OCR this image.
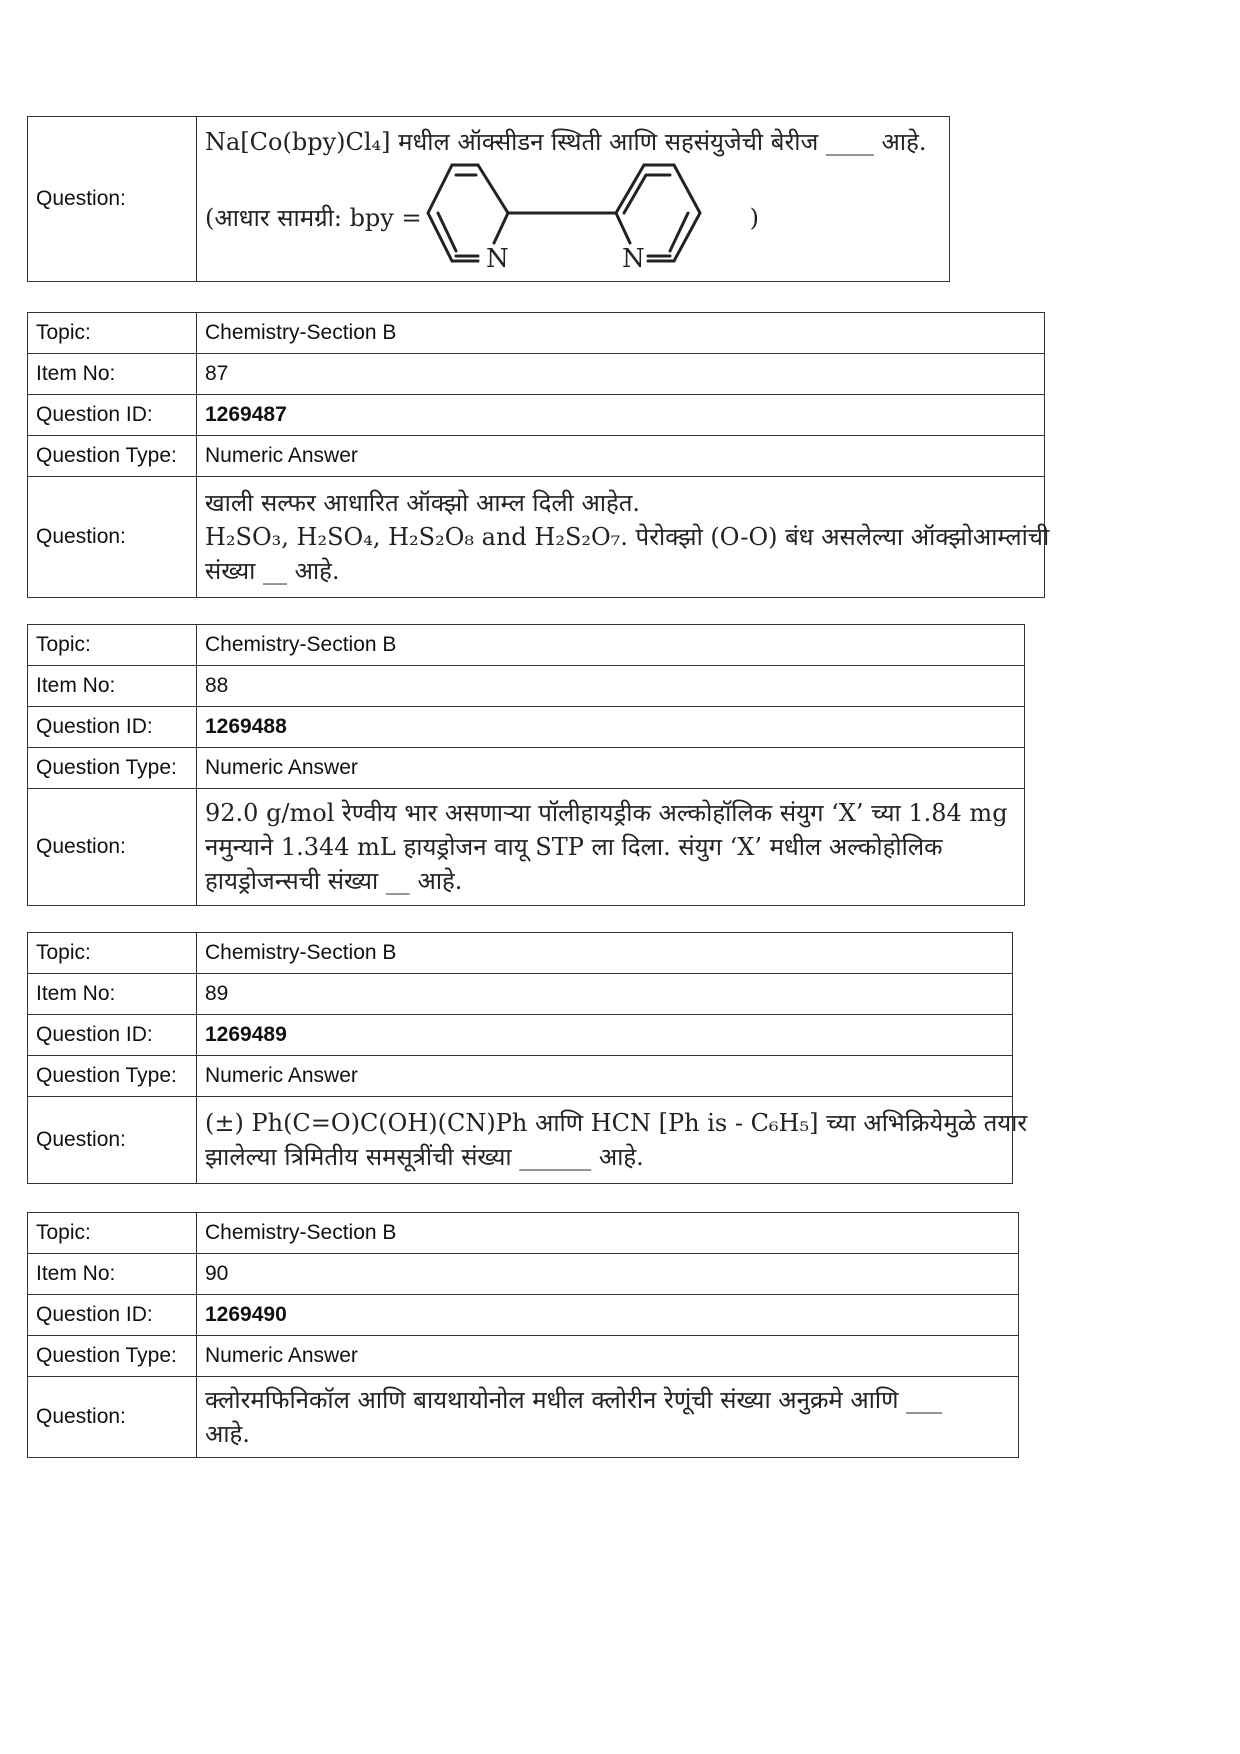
Question:	
Na[Co(bpy)Cl₄] मधील ऑक्सीडन स्थिती आणि सहसंयुजेची बेरीज ____ आहे.
(आधार सामग्री: bpy =
N	N
)
Topic:	Chemistry-Section B
Item No:	87
Question ID:	1269487
Question Type:	Numeric Answer
Question:	खाली सल्फर आधारित ऑक्झो आम्ल दिली आहेत.
H₂SO₃, H₂SO₄, H₂S₂O₈ and H₂S₂O₇. पेरोक्झो (O-O) बंध असलेल्या ऑक्झोआम्लांची
संख्या __ आहे.
Topic:	Chemistry-Section B
Item No:	88
Question ID:	1269488
Question Type:	Numeric Answer
Question:	92.0 g/mol रेण्वीय भार असणाऱ्या पॉलीहायड्रीक अल्कोहॉलिक संयुग ‘X’ च्या 1.84 mg
नमुन्याने 1.344 mL हायड्रोजन वायू STP ला दिला. संयुग ‘X’ मधील अल्कोहोलिक
हायड्रोजन्सची संख्या __ आहे.
Topic:	Chemistry-Section B
Item No:	89
Question ID:	1269489
Question Type:	Numeric Answer
Question:	(±) Ph(C=O)C(OH)(CN)Ph आणि HCN [Ph is - C₆H₅] च्या अभिक्रियेमुळे तयार
झालेल्या त्रिमितीय समसूत्रींची संख्या ______ आहे.
Topic:	Chemistry-Section B
Item No:	90
Question ID:	1269490
Question Type:	Numeric Answer
Question:	क्लोरमफिनिकॉल आणि बायथायोनोल मधील क्लोरीन रेणूंची संख्या अनुक्रमे आणि ___
आहे.
